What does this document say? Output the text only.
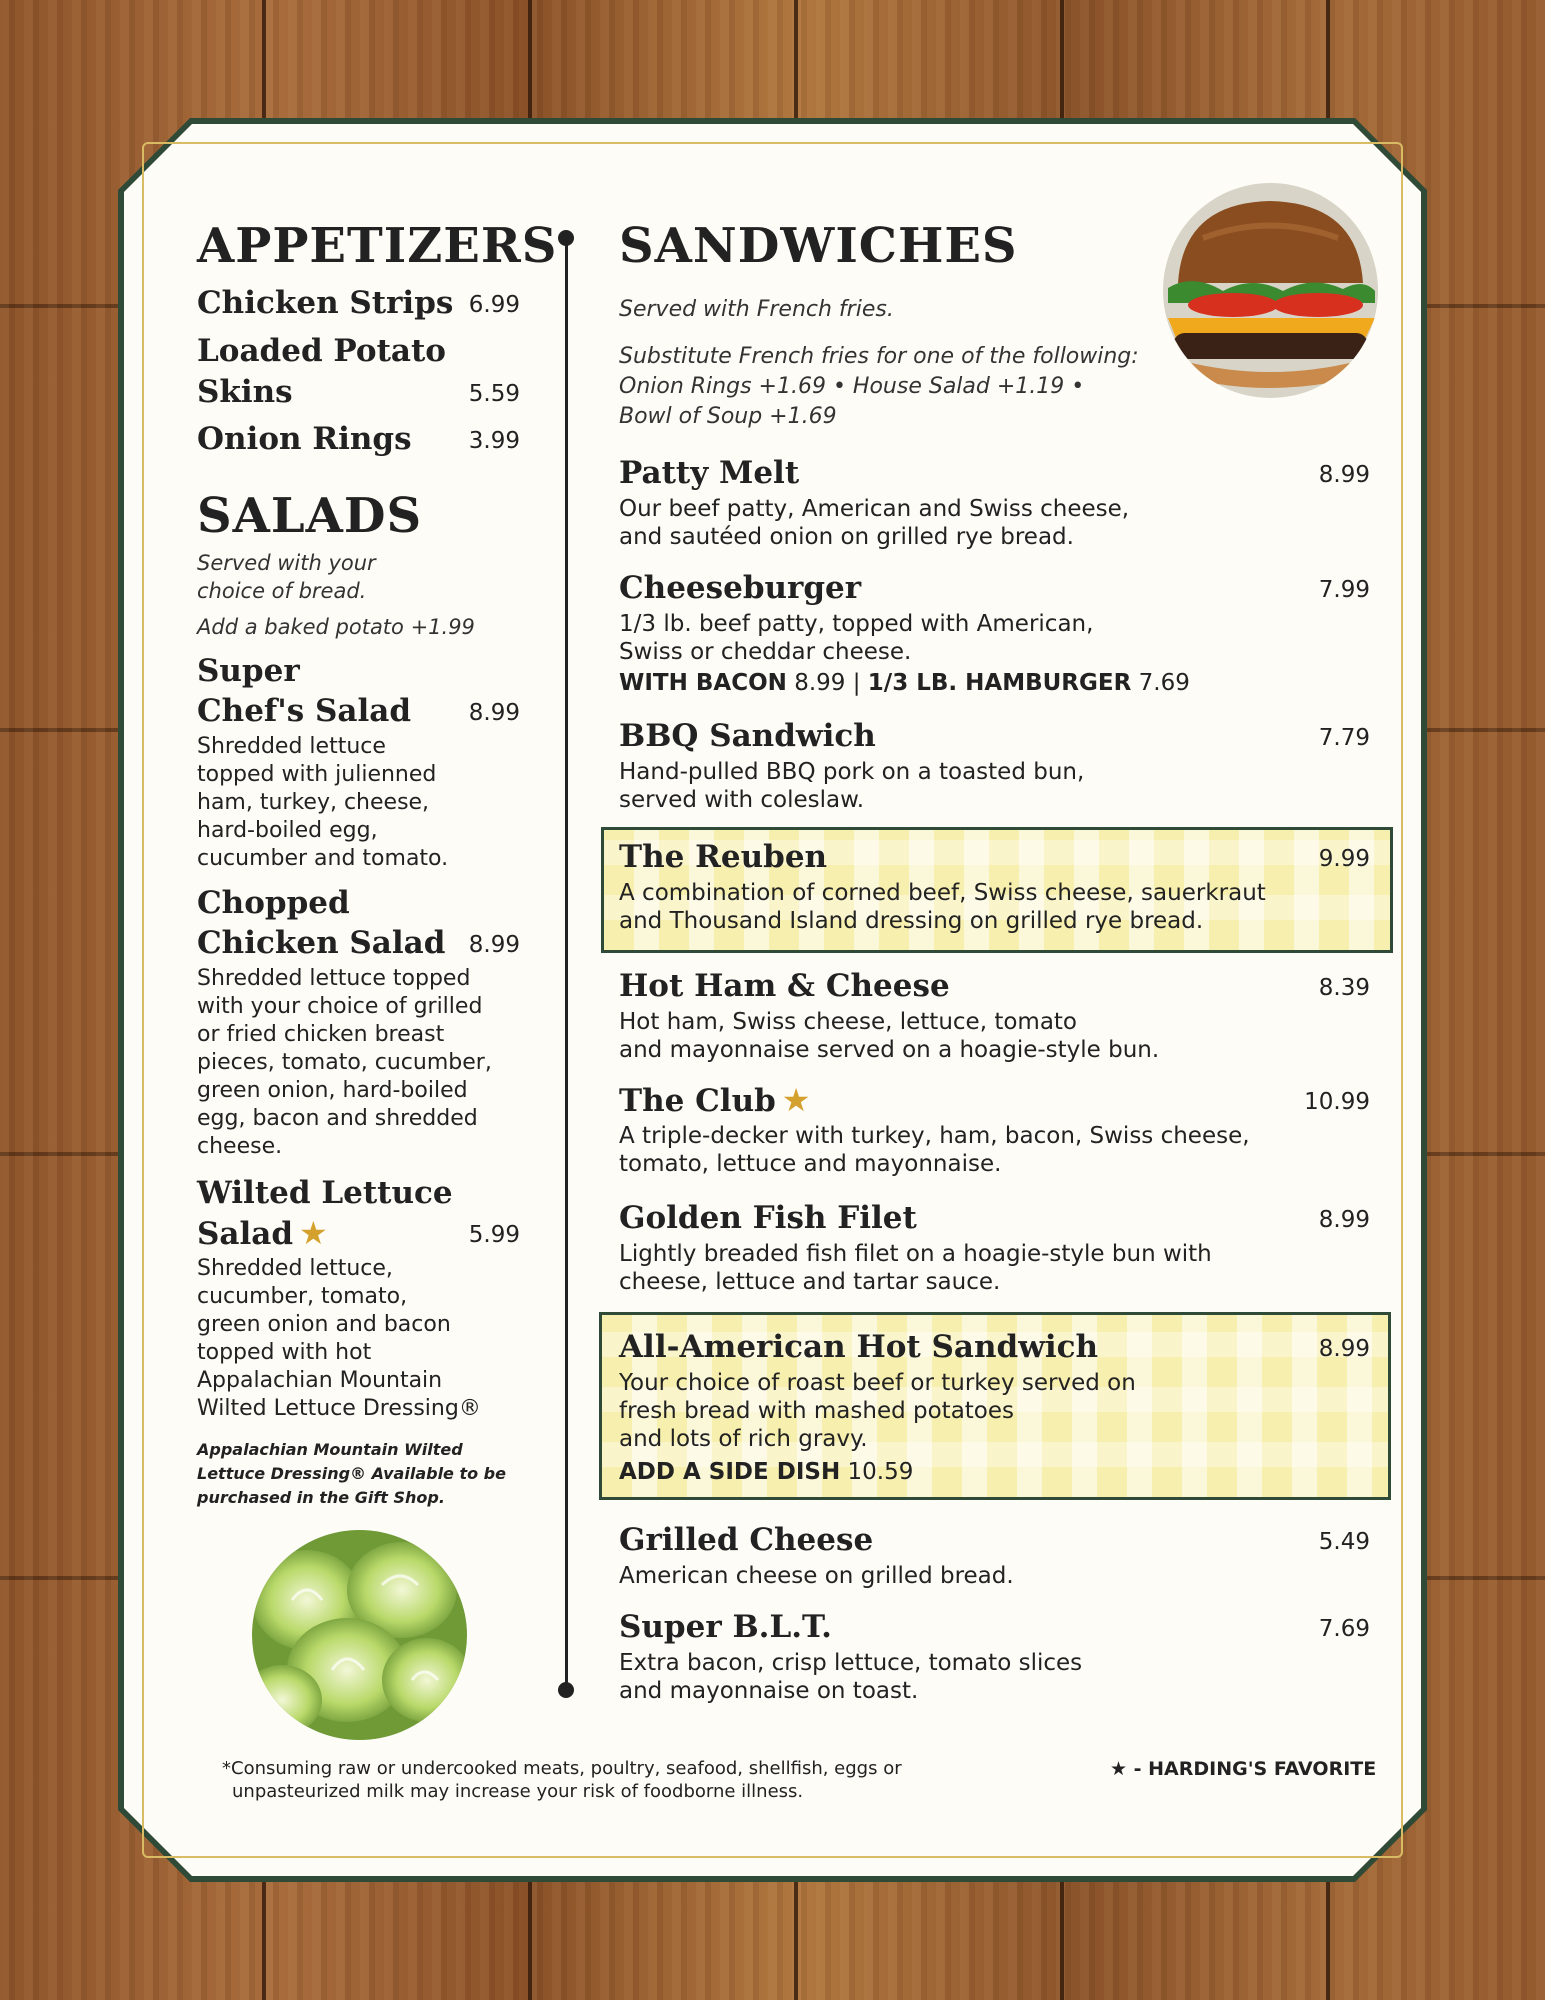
APPETIZERS
Chicken Strips 6.99
Loaded Potato
Skins	5.59
Onion Rings	3.99
SALADS
Served with your
choice of bread.
Add a baked potato +1.99
Super
Chef's Salad	8.99
Shredded lettuce
topped with julienned
ham, turkey, cheese,
hard-boiled egg,
cucumber and tomato.
Chopped
Chicken Salad	8.99
Shredded lettuce topped
with your choice of grilled
or fried chicken breast
pieces, tomato, cucumber,
green onion, hard-boiled
egg, bacon and shredded
cheese.
Wilted Lettuce
Salad ★	5.99
Shredded lettuce,
cucumber, tomato,
green onion and bacon
topped with hot
Appalachian Mountain
Wilted Lettuce Dressing®
Appalachian Mountain Wilted
Lettuce Dressing® Available to be
purchased in the Gift Shop.
SANDWICHES
Served with French fries.
Substitute French fries for one of the following:
Onion Rings +1.69 • House Salad +1.19 •
Bowl of Soup +1.69
Patty Melt	8.99
Our beef patty, American and Swiss cheese,
and sautéed onion on grilled rye bread.
Cheeseburger	7.99
1/3 lb. beef patty, topped with American,
Swiss or cheddar cheese.
WITH BACON 8.99 | 1/3 LB. HAMBURGER 7.69
BBQ Sandwich	7.79
Hand-pulled BBQ pork on a toasted bun,
served with coleslaw.
The Reuben	9.99
A combination of corned beef, Swiss cheese, sauerkraut
and Thousand Island dressing on grilled rye bread.
Hot Ham & Cheese	8.39
Hot ham, Swiss cheese, lettuce, tomato
and mayonnaise served on a hoagie-style bun.
The Club ★	10.99
A triple-decker with turkey, ham, bacon, Swiss cheese,
tomato, lettuce and mayonnaise.
Golden Fish Filet	8.99
Lightly breaded fish filet on a hoagie-style bun with
cheese, lettuce and tartar sauce.
All-American Hot Sandwich	8.99
Your choice of roast beef or turkey served on
fresh bread with mashed potatoes
and lots of rich gravy.
ADD A SIDE DISH 10.59
Grilled Cheese	5.49
American cheese on grilled bread.
Super B.L.T.	7.69
Extra bacon, crisp lettuce, tomato slices
and mayonnaise on toast.
*Consuming raw or undercooked meats, poultry, seafood, shellfish, eggs or
unpasteurized milk may increase your risk of foodborne illness.
★ - HARDING'S FAVORITE
